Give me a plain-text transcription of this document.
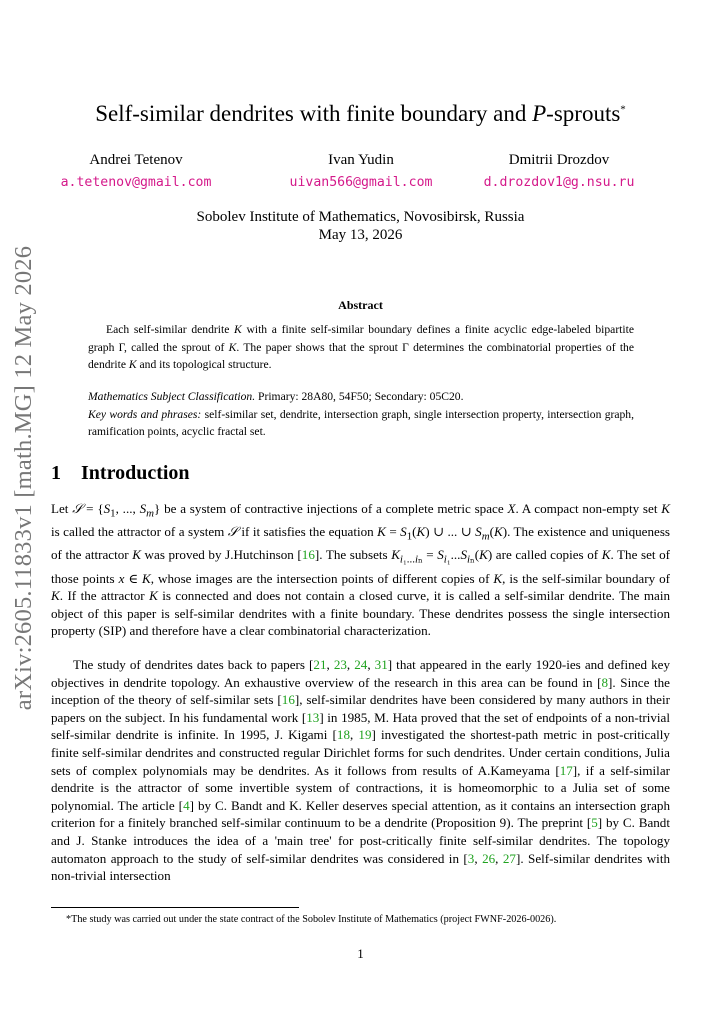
arXiv:2605.11833v1 [math.MG] 12 May 2026
Self-similar dendrites with finite boundary and P-sprouts*
Andrei Tetenov
a.tetenov@gmail.com
Ivan Yudin
uivan566@gmail.com
Dmitrii Drozdov
d.drozdov1@g.nsu.ru
Sobolev Institute of Mathematics, Novosibirsk, Russia
May 13, 2026
Abstract

Each self-similar dendrite K with a finite self-similar boundary defines a finite acyclic edge-labeled bipartite graph Γ, called the sprout of K. The paper shows that the sprout Γ determines the combinatorial properties of the dendrite K and its topological structure.

Mathematics Subject Classification. Primary: 28A80, 54F50; Secondary: 05C20.

Key words and phrases: self-similar set, dendrite, intersection graph, single intersection property, intersection graph, ramification points, acyclic fractal set.

1 Introduction

Let 𝒮 = {$S_1$, ..., $S_m$} be a system of contractive injections of a complete metric space X. A compact non-empty set K is called the attractor of a system 𝒮 if it satisfies the equation $K = S_1(K)$ ∪ ... ∪ $S_m(K)$. The existence and uniqueness of the attractor K was proved by J.Hutchinson [16]. The subsets $K_{i_1...i_n} = S_{i_1}...S_{i_n}(K)$ are called copies of K. The set of those points x ∈ K, whose images are the intersection points of different copies of K, is the self-similar boundary of K. If the attractor K is connected and does not contain a closed curve, it is called a self-similar dendrite. The main object of this paper is self-similar dendrites with a finite boundary. These dendrites possess the single intersection property (SIP) and therefore have a clear combinatorial characterization.

The study of dendrites dates back to papers [21, 23, 24, 31] that appeared in the early 1920-ies and defined key objectives in dendrite topology. An exhaustive overview of the research in this area can be found in [8]. Since the inception of the theory of self-similar sets [16], self-similar dendrites have been considered by many authors in their papers on the subject. In his fundamental work [13] in 1985, M. Hata proved that the set of endpoints of a non-trivial self-similar dendrite is infinite. In 1995, J. Kigami [18, 19] investigated the shortest-path metric in post-critically finite self-similar dendrites and constructed regular Dirichlet forms for such dendrites. Under certain conditions, Julia sets of complex polynomials may be dendrites. As it follows from results of A.Kameyama [17], if a self-similar dendrite is the attractor of some invertible system of contractions, it is homeomorphic to a Julia set of some polynomial. The article [4] by C. Bandt and K. Keller deserves special attention, as it contains an intersection graph criterion for a finitely branched self-similar continuum to be a dendrite (Proposition 9). The preprint [5] by C. Bandt and J. Stanke introduces the idea of a 'main tree' for post-critically finite self-similar dendrites. The topology automaton approach to the study of self-similar dendrites was considered in [3, 26, 27]. Self-similar dendrites with non-trivial intersection

*The study was carried out under the state contract of the Sobolev Institute of Mathematics (project FWNF-2026-0026).

1
